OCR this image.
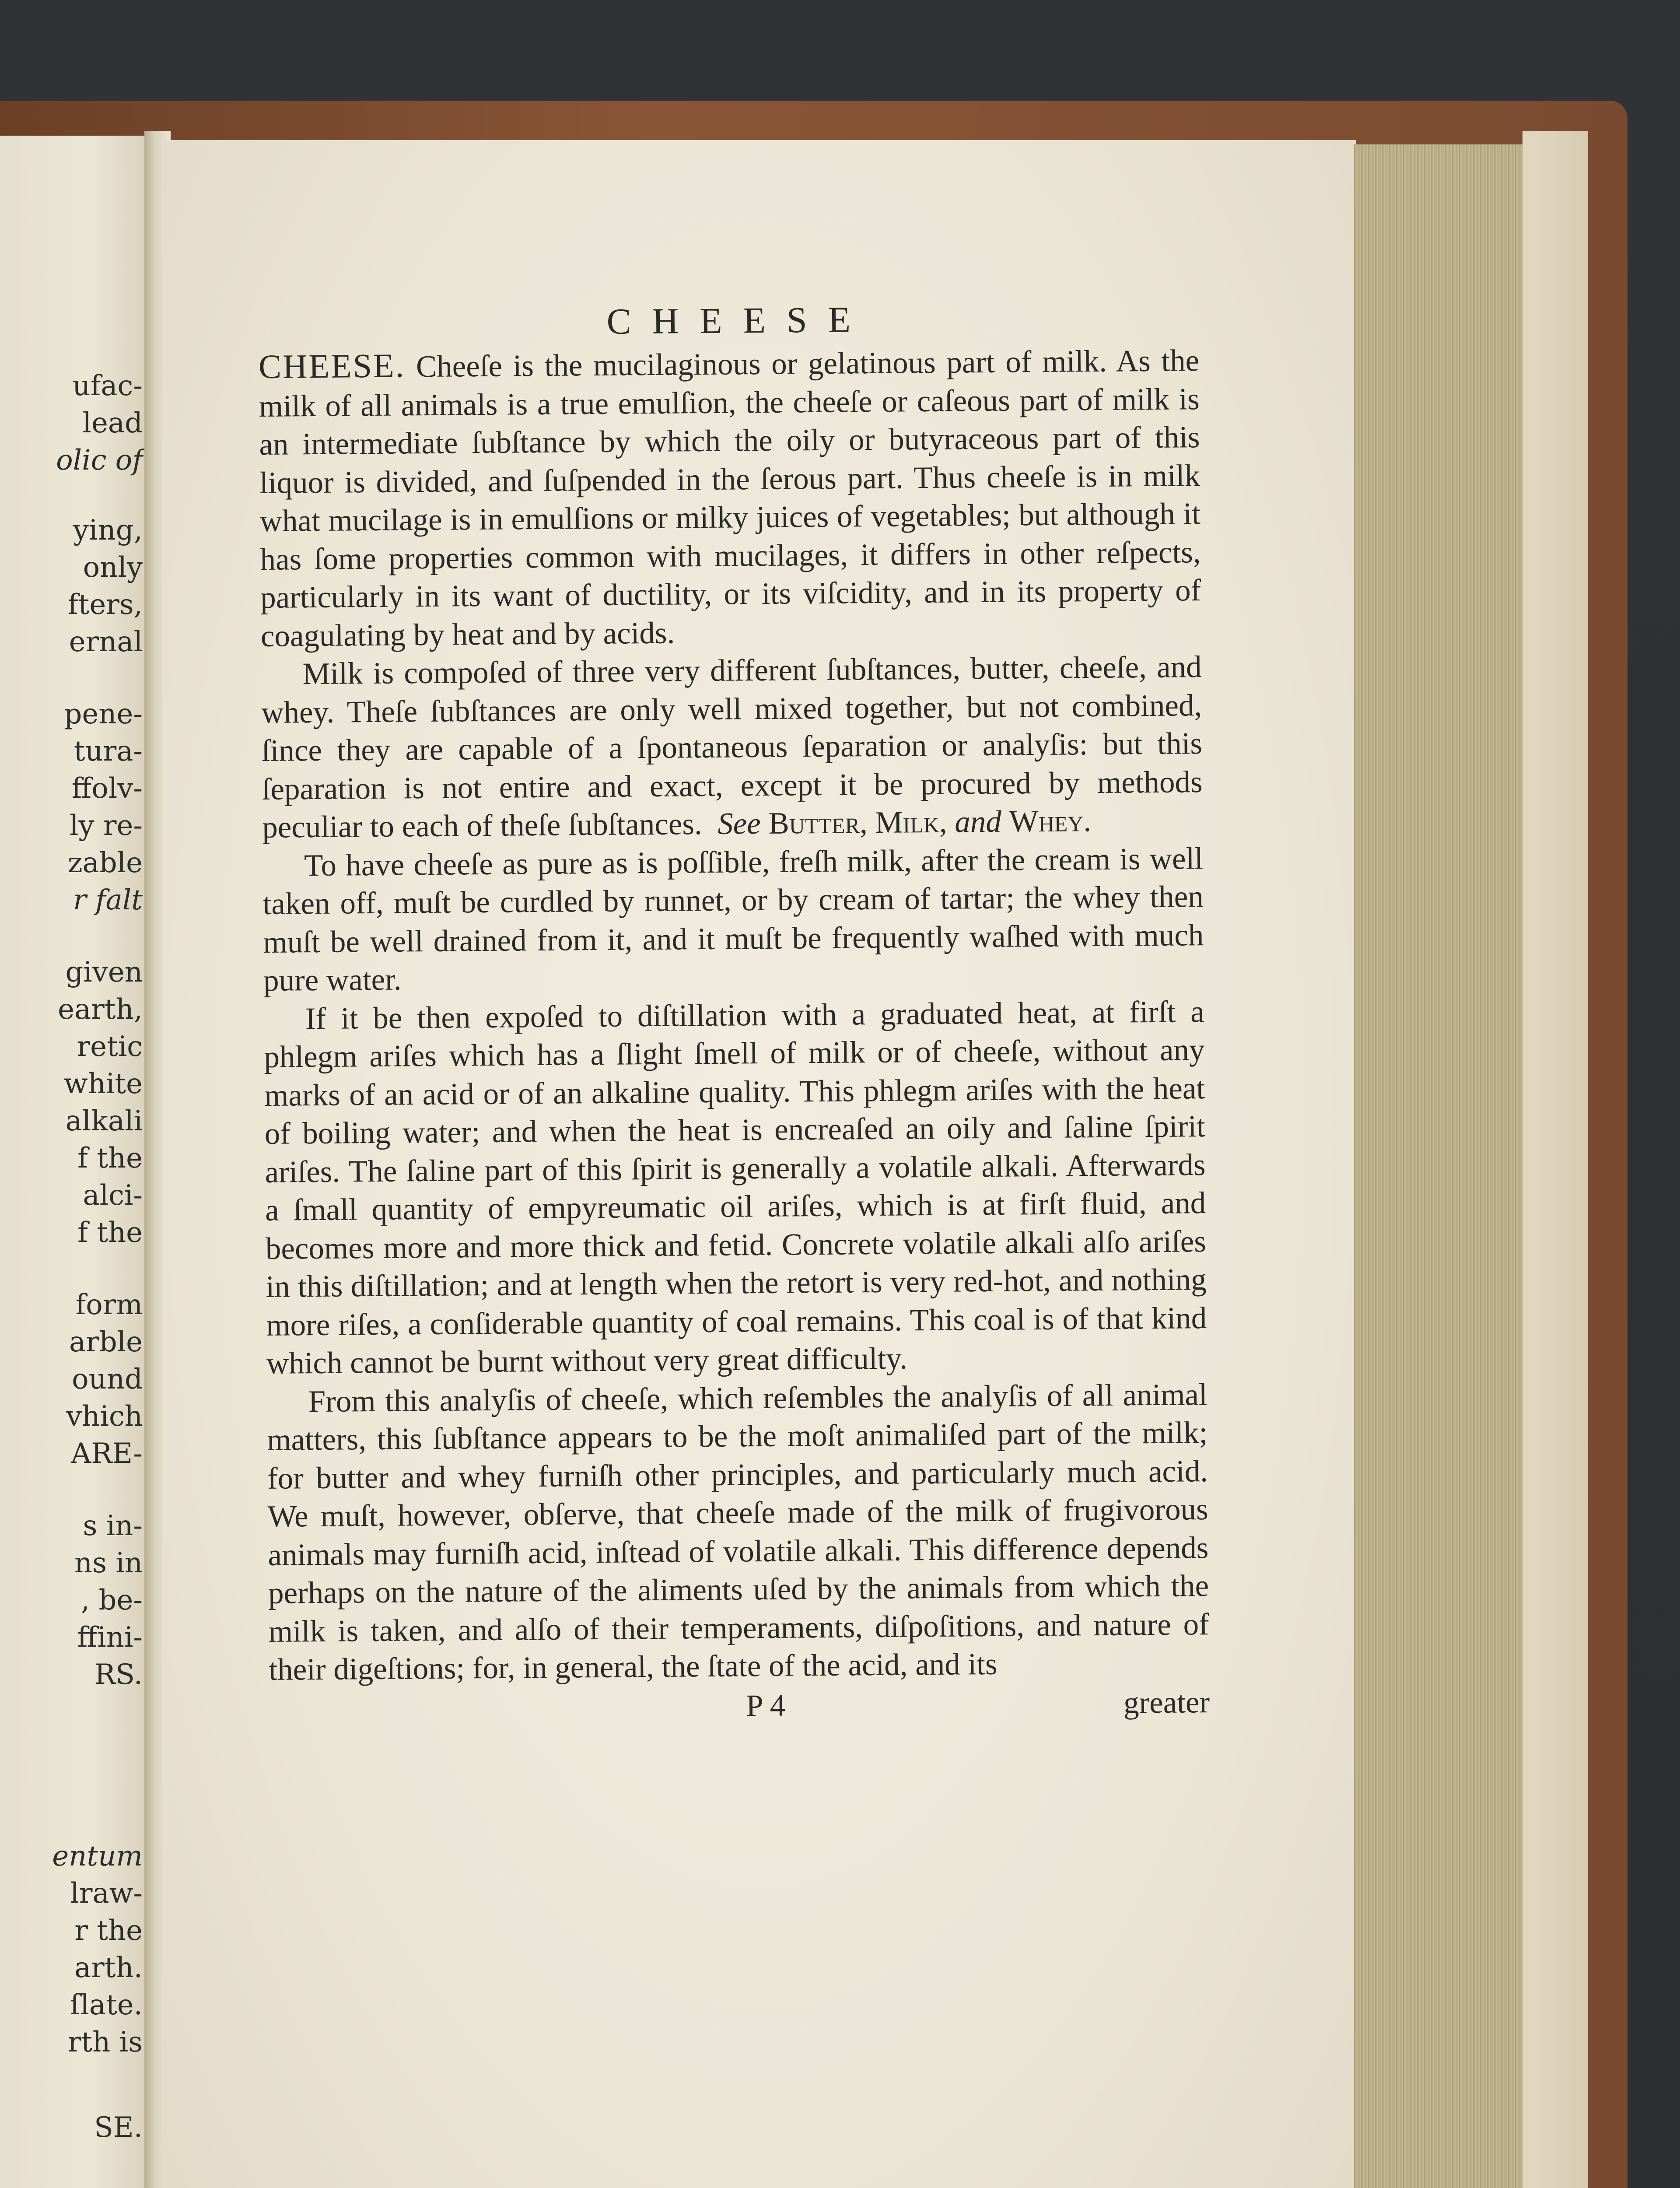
ufac-
lead
olic of
ying,
only
fters,
ernal
pene-
tura-
ffolv-
ly re-
zable
r falt
given
earth,
retic
white
alkali
f the
alci-
f the
form
arble
ound
vhich
ARE-
s in-
ns in
, be-
ffini-
RS.
entum
lraw-
r the
arth.
ſlate.
rth is
SE.
CHEESE

CHEESE. Cheeſe is the mucilaginous or gelatinous part of milk. As the milk of all animals is a true emulſion, the cheeſe or caſeous part of milk is an intermediate ſubſtance by which the oily or butyraceous part of this liquor is divided, and ſuſpended in the ſerous part. Thus cheeſe is in milk what mucilage is in emulſions or milky juices of vegetables; but although it has ſome properties common with mucilages, it differs in other reſpects, particularly in its want of ductility, or its viſcidity, and in its property of coagulating by heat and by acids.

Milk is compoſed of three very different ſubſtances, butter, cheeſe, and whey. Theſe ſubſtances are only well mixed together, but not combined, ſince they are capable of a ſpontaneous ſeparation or analyſis: but this ſeparation is not entire and exact, except it be procured by methods peculiar to each of theſe ſubſtances. See Butter, Milk, and Whey.

To have cheeſe as pure as is poſſible, freſh milk, after the cream is well taken off, muſt be curdled by runnet, or by cream of tartar; the whey then muſt be well drained from it, and it muſt be frequently waſhed with much pure water.

If it be then expoſed to diſtillation with a graduated heat, at firſt a phlegm ariſes which has a ſlight ſmell of milk or of cheeſe, without any marks of an acid or of an alkaline quality. This phlegm ariſes with the heat of boiling water; and when the heat is encreaſed an oily and ſaline ſpirit ariſes. The ſaline part of this ſpirit is generally a volatile alkali. Afterwards a ſmall quantity of empyreumatic oil ariſes, which is at firſt fluid, and becomes more and more thick and fetid. Concrete volatile alkali alſo ariſes in this diſtillation; and at length when the retort is very red-hot, and nothing more riſes, a conſiderable quantity of coal remains. This coal is of that kind which cannot be burnt without very great difficulty.

From this analyſis of cheeſe, which reſembles the analyſis of all animal matters, this ſubſtance appears to be the moſt animaliſed part of the milk; for butter and whey furniſh other principles, and particularly much acid. We muſt, however, obſerve, that cheeſe made of the milk of frugivorous animals may furniſh acid, inſtead of volatile alkali. This difference depends perhaps on the nature of the aliments uſed by the animals from which the milk is taken, and alſo of their temperaments, diſpoſitions, and nature of their digeſtions; for, in general, the ſtate of the acid, and its

P 4	greater
